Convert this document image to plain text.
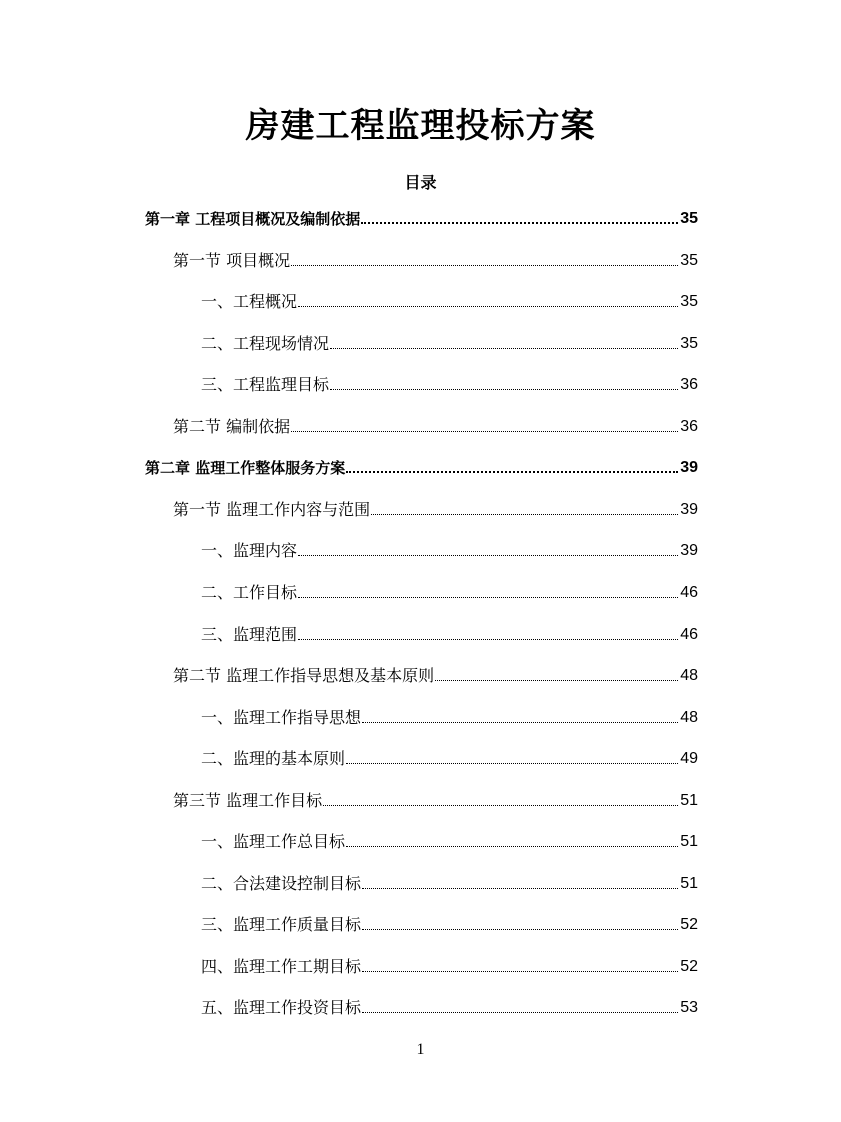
房建工程监理投标方案
目录
第一章 工程项目概况及编制依据	35
第一节 项目概况	35
一、工程概况	35
二、工程现场情况	35
三、工程监理目标	36
第二节 编制依据	36
第二章 监理工作整体服务方案	39
第一节 监理工作内容与范围	39
一、监理内容	39
二、工作目标	46
三、监理范围	46
第二节 监理工作指导思想及基本原则	48
一、监理工作指导思想	48
二、监理的基本原则	49
第三节 监理工作目标	51
一、监理工作总目标	51
二、合法建设控制目标	51
三、监理工作质量目标	52
四、监理工作工期目标	52
五、监理工作投资目标	53
1
